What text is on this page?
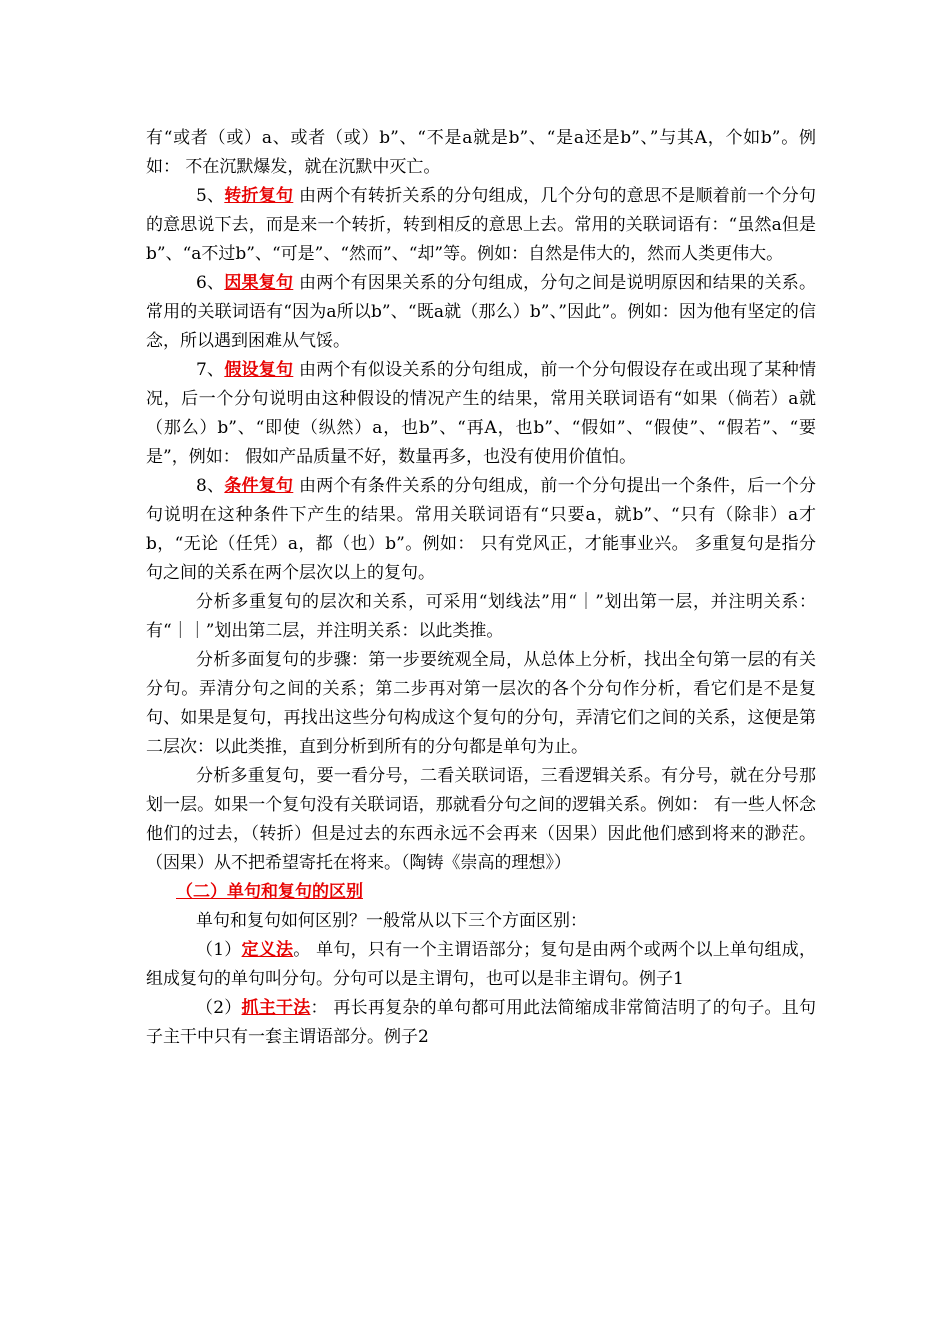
有“或者（或）a、或者（或）b”、“不是a就是b”、“是a还是b”、”与其A，个如b”。例如： 不在沉默爆发，就在沉默中灭亡。

5、转折复句 由两个有转折关系的分句组成，几个分句的意思不是顺着前一个分句的意思说下去，而是来一个转折，转到相反的意思上去。常用的关联词语有：“虽然a但是b”、“a不过b”、“可是”、“然而”、“却”等。例如：自然是伟大的，然而人类更伟大。

6、因果复句 由两个有因果关系的分句组成，分句之间是说明原因和结果的关系。常用的关联词语有“因为a所以b”、“既a就（那么）b”、”因此”。例如：因为他有坚定的信念，所以遇到困难从气馁。

7、假设复句 由两个有似设关系的分句组成，前一个分句假设存在或出现了某种情况，后一个分句说明由这种假设的情况产生的结果，常用关联词语有“如果（倘若）a就（那么）b”、“即使（纵然）a，也b”、“再A，也b”、“假如”、“假使”、“假若”、“要是”，例如： 假如产品质量不好，数量再多，也没有使用价值怕。

8、条件复句 由两个有条件关系的分句组成，前一个分句提出一个条件，后一个分句说明在这种条件下产生的结果。常用关联词语有“只要a，就b”、“只有（除非）a才b，“无论（任凭）a，都（也）b”。例如： 只有党风正，才能事业兴。 多重复句是指分句之间的关系在两个层次以上的复句。

分析多重复句的层次和关系，可采用“划线法”用“｜”划出第一层，并注明关系：有“｜｜”划出第二层，并注明关系：以此类推。

分析多面复句的步骤：第一步要统观全局，从总体上分析，找出全句第一层的有关分句。弄清分句之间的关系；第二步再对第一层次的各个分句作分析，看它们是不是复句、如果是复句，再找出这些分句构成这个复句的分句，弄清它们之间的关系，这便是第二层次：以此类推，直到分析到所有的分句都是单句为止。

分析多重复句，要一看分号，二看关联词语，三看逻辑关系。有分号，就在分号那划一层。如果一个复句没有关联词语，那就看分句之间的逻辑关系。例如： 有一些人怀念他们的过去，（转折）但是过去的东西永远不会再来（因果）因此他们感到将来的渺茫。（因果）从不把希望寄托在将来。（陶铸《崇高的理想》）

（二）单句和复句的区别

单句和复句如何区别？一般常从以下三个方面区别：

（1）定义法。 单句，只有一个主谓语部分；复句是由两个或两个以上单句组成，组成复句的单句叫分句。分句可以是主谓句，也可以是非主谓句。例子1

（2）抓主干法： 再长再复杂的单句都可用此法简缩成非常简洁明了的句子。且句子主干中只有一套主谓语部分。例子2
